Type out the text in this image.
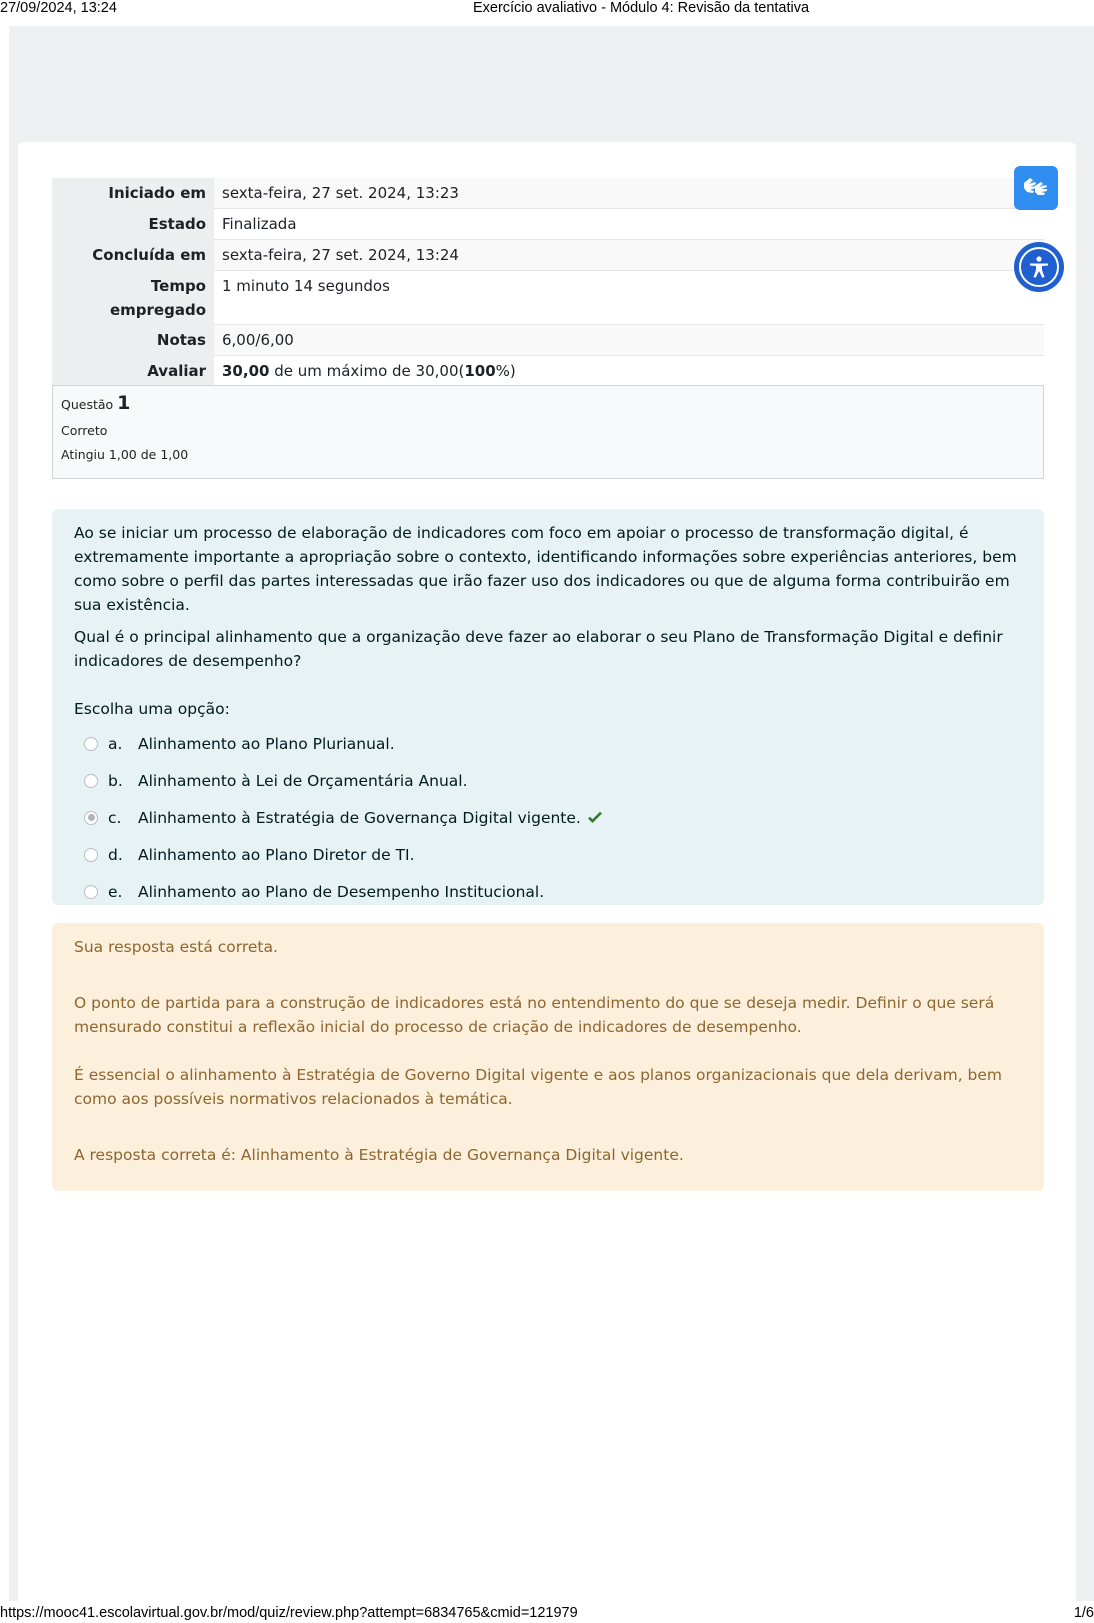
27/09/2024, 13:24	Exercício avaliativo - Módulo 4: Revisão da tentativa
Iniciado em	sexta-feira, 27 set. 2024, 13:23
Estado	Finalizada
Concluída em	sexta-feira, 27 set. 2024, 13:24
Tempo empregado	1 minuto 14 segundos
Notas	6,00/6,00
Avaliar	30,00 de um máximo de 30,00(100%)
Questão 1
Correto
Atingiu 1,00 de 1,00

Ao se iniciar um processo de elaboração de indicadores com foco em apoiar o processo de transformação digital, é extremamente importante a apropriação sobre o contexto, identificando informações sobre experiências anteriores, bem como sobre o perfil das partes interessadas que irão fazer uso dos indicadores ou que de alguma forma contribuirão em sua existência.

Qual é o principal alinhamento que a organização deve fazer ao elaborar o seu Plano de Transformação Digital e definir indicadores de desempenho?

Escolha uma opção:
a.	Alinhamento ao Plano Plurianual.
b. Alinhamento à Lei de Orçamentária Anual.
c.	Alinhamento à Estratégia de Governança Digital vigente.
d. Alinhamento ao Plano Diretor de TI.
e.	Alinhamento ao Plano de Desempenho Institucional.

Sua resposta está correta.

O ponto de partida para a construção de indicadores está no entendimento do que se deseja medir. Definir o que será mensurado constitui a reflexão inicial do processo de criação de indicadores de desempenho.

É essencial o alinhamento à Estratégia de Governo Digital vigente e aos planos organizacionais que dela derivam, bem como aos possíveis normativos relacionados à temática.

A resposta correta é: Alinhamento à Estratégia de Governança Digital vigente.

https://mooc41.escolavirtual.gov.br/mod/quiz/review.php?attempt=6834765&cmid=121979	1/6
